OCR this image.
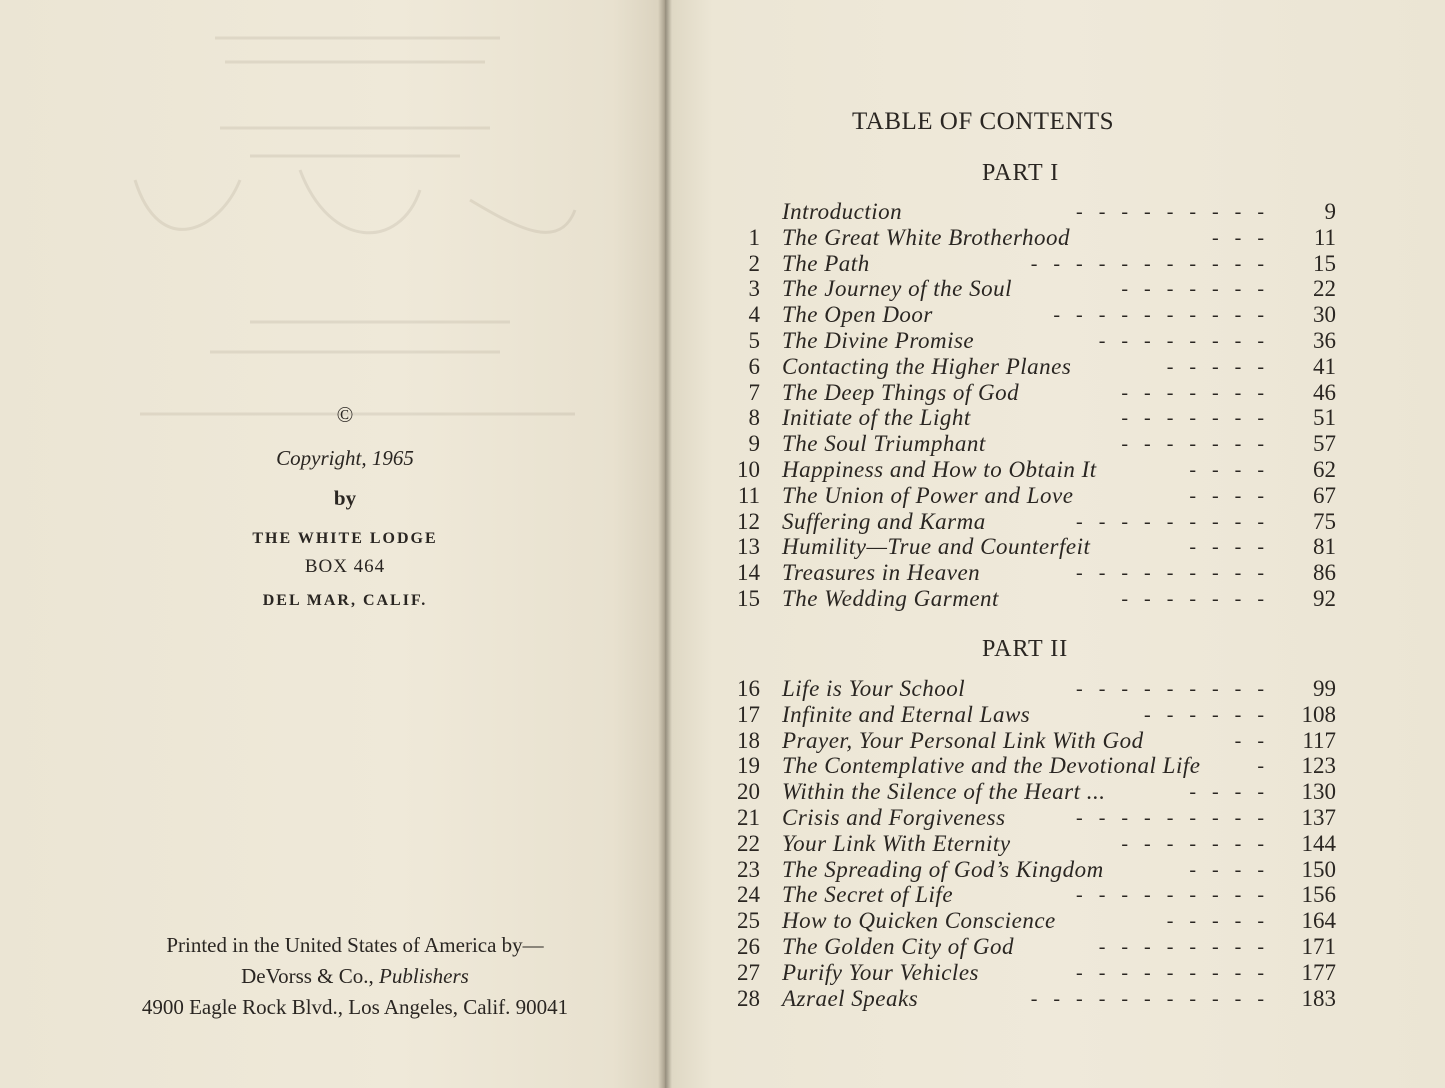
©
Copyright, 1965
by
THE WHITE LODGE
BOX 464
DEL MAR, CALIF.
Printed in the United States of America by—
DeVorss & Co., Publishers
4900 Eagle Rock Blvd., Los Angeles, Calif. 90041
TABLE OF CONTENTS
PART I
Introduction	-  -  -  -  -  -  -  -  -	9
1 The Great White Brotherhood	-  -  -	11
2 The Path	-  -  -  -  -  -  -  -  -  -  -	15
3 The Journey of the Soul	-  -  -  -  -  -  -	22
4 The Open Door	-  -  -  -  -  -  -  -  -  -	30
5 The Divine Promise	-  -  -  -  -  -  -  -	36
6 Contacting the Higher Planes	-  -  -  -  -	41
7 The Deep Things of God	-  -  -  -  -  -  -	46
8 Initiate of the Light	-  -  -  -  -  -  -	51
9 The Soul Triumphant	-  -  -  -  -  -  -	57
10 Happiness and How to Obtain It	-  -  -  -	62
11 The Union of Power and Love	-  -  -  -	67
12 Suffering and Karma	-  -  -  -  -  -  -  -  -	75
13 Humility—True and Counterfeit	-  -  -  -	81
14 Treasures in Heaven	-  -  -  -  -  -  -  -  -	86
15 The Wedding Garment	-  -  -  -  -  -  -	92
PART II
16 Life is Your School	-  -  -  -  -  -  -  -  -	99
17 Infinite and Eternal Laws	-  -  -  -  -  -	108
18 Prayer, Your Personal Link With God	-  -	117
19 The Contemplative and the Devotional Life	-	123
20 Within the Silence of the Heart ...	-  -  -  -	130
21 Crisis and Forgiveness	-  -  -  -  -  -  -  -  -	137
22 Your Link With Eternity	-  -  -  -  -  -  -	144
23 The Spreading of God’s Kingdom	-  -  -  -	150
24 The Secret of Life	-  -  -  -  -  -  -  -  -	156
25 How to Quicken Conscience	-  -  -  -  -	164
26 The Golden City of God	-  -  -  -  -  -  -  -	171
27 Purify Your Vehicles	-  -  -  -  -  -  -  -  -	177
28 Azrael Speaks	-  -  -  -  -  -  -  -  -  -  -	183
